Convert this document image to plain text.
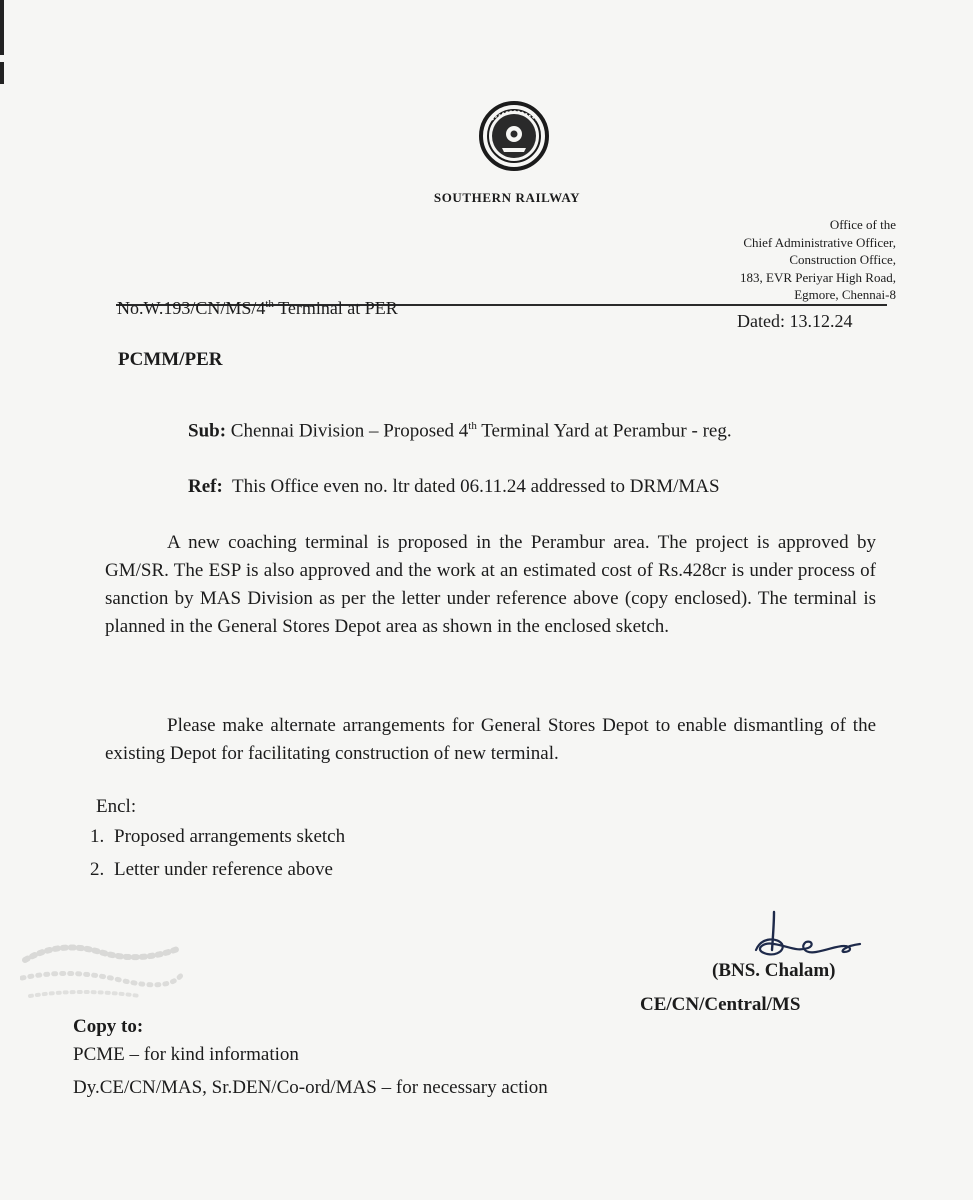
SOUTHERN RAILWAY
Office of the
Chief Administrative Officer,
Construction Office,
183, EVR Periyar High Road,
Egmore, Chennai-8
No.W.193/CN/MS/4th Terminal at PER
Dated: 13.12.24
PCMM/PER
Sub: Chennai Division – Proposed 4th Terminal Yard at Perambur - reg.
Ref:  This Office even no. ltr dated 06.11.24 addressed to DRM/MAS
A new coaching terminal is proposed in the Perambur area. The project is approved by GM/SR. The ESP is also approved and the work at an estimated cost of Rs.428cr is under process of sanction by MAS Division as per the letter under reference above (copy enclosed). The terminal is planned in the General Stores Depot area as shown in the enclosed sketch.
Please make alternate arrangements for General Stores Depot to enable dismantling of the existing Depot for facilitating construction of new terminal.
Encl:
1. Proposed arrangements sketch
2. Letter under reference above
(BNS. Chalam)
CE/CN/Central/MS
Copy to:
PCME – for kind information
Dy.CE/CN/MAS, Sr.DEN/Co-ord/MAS – for necessary action
